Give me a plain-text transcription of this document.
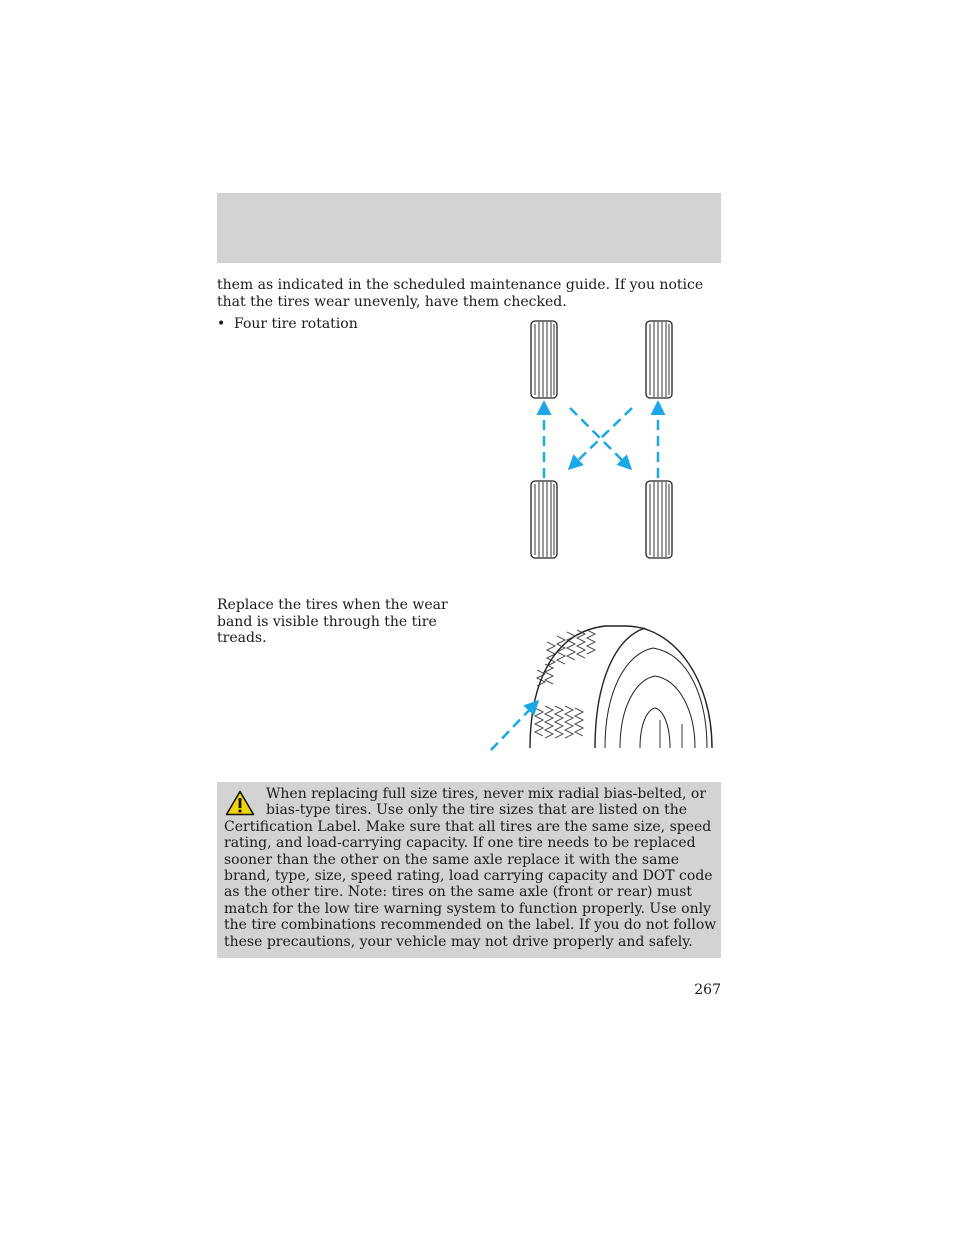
them as indicated in the scheduled maintenance guide. If you notice that the tires wear unevenly, have them checked.

• Four tire rotation

Replace the tires when the wear band is visible through the tire treads.

When replacing full size tires, never mix radial bias-belted, or bias-type tires. Use only the tire sizes that are listed on the Certification Label. Make sure that all tires are the same size, speed rating, and load-carrying capacity. If one tire needs to be replaced sooner than the other on the same axle replace it with the same brand, type, size, speed rating, load carrying capacity and DOT code as the other tire. Note: tires on the same axle (front or rear) must match for the low tire warning system to function properly. Use only the tire combinations recommended on the label. If you do not follow these precautions, your vehicle may not drive properly and safely.

267
